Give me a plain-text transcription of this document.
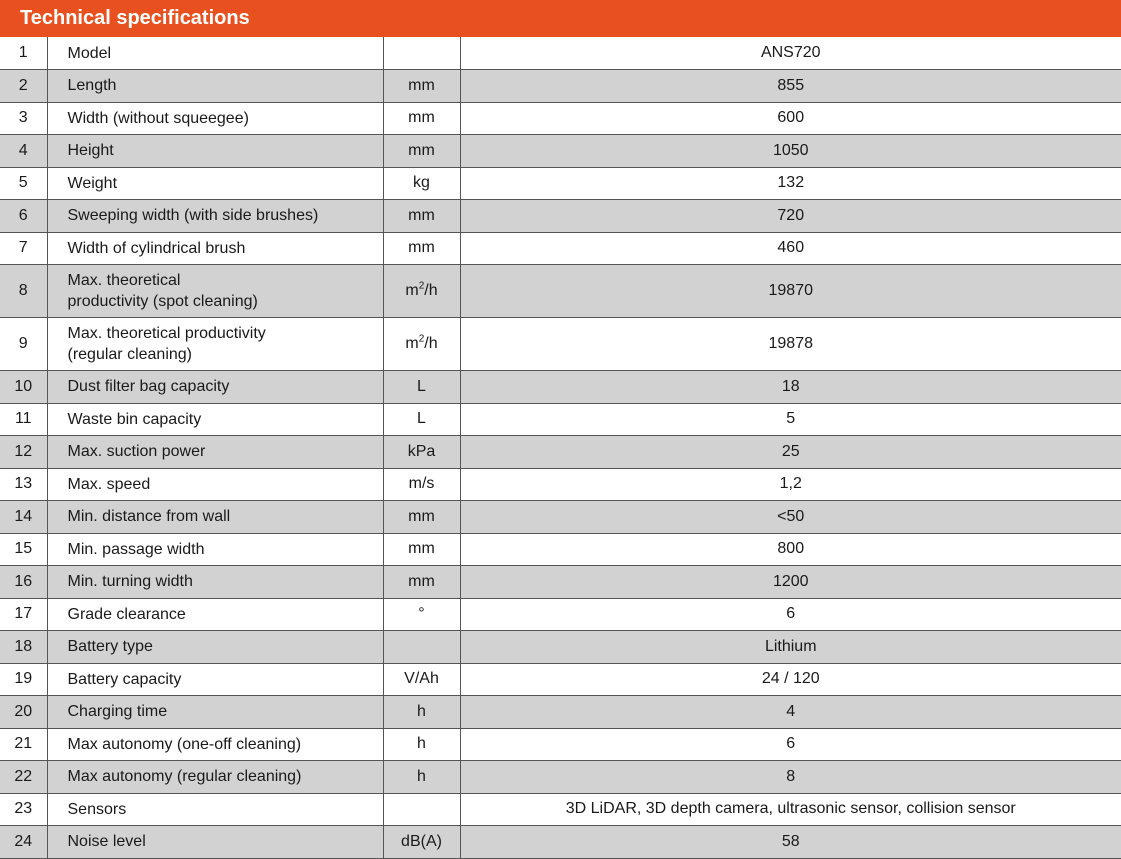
Technical specifications
1	Model		ANS720
2	Length	mm	855
3	Width (without squeegee)	mm	600
4	Height	mm	1050
5	Weight	kg	132
6	Sweeping width (with side brushes)	mm	720
7	Width of cylindrical brush	mm	460
8	Max. theoretical
productivity (spot cleaning)	$m^2/h$	19870
9	Max. theoretical productivity
(regular cleaning)	$m^2/h$	19878
10	Dust filter bag capacity	L	18
11	Waste bin capacity	L	5
12	Max. suction power	kPa	25
13	Max. speed	m/s	1,2
14	Min. distance from wall	mm	<50
15	Min. passage width	mm	800
16	Min. turning width	mm	1200
17	Grade clearance	°	6
18	Battery type		Lithium
19	Battery capacity	V/Ah	24 / 120
20	Charging time	h	4
21	Max autonomy (one-off cleaning)	h	6
22	Max autonomy (regular cleaning)	h	8
23	Sensors		3D LiDAR, 3D depth camera, ultrasonic sensor, collision sensor
24	Noise level	dB(A)	58
